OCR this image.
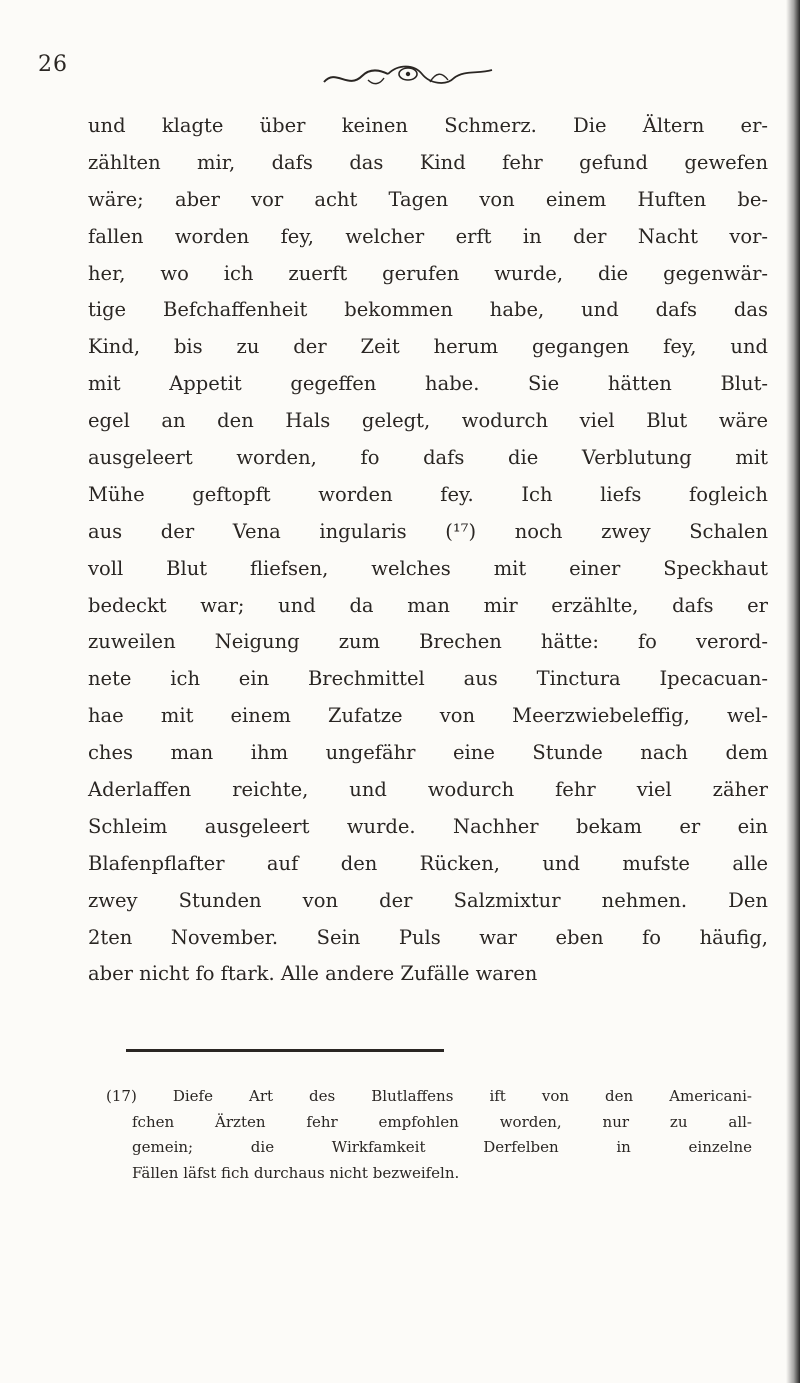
26
und klagte über keinen Schmerz. Die Ältern er-
zählten mir, dafs das Kind fehr gefund gewefen
wäre; aber vor acht Tagen von einem Huften be-
fallen worden fey, welcher erft in der Nacht vor-
her, wo ich zuerft gerufen wurde, die gegenwär-
tige Befchaffenheit bekommen habe, und dafs das
Kind, bis zu der Zeit herum gegangen fey, und
mit Appetit gegeffen habe. Sie hätten Blut-
egel an den Hals gelegt, wodurch viel Blut wäre
ausgeleert worden, fo dafs die Verblutung mit
Mühe geftopft worden fey. Ich liefs fogleich
aus der Vena ingularis (¹⁷) noch zwey Schalen
voll Blut fliefsen, welches mit einer Speckhaut
bedeckt war; und da man mir erzählte, dafs er
zuweilen Neigung zum Brechen hätte: fo verord-
nete ich ein Brechmittel aus Tinctura Ipecacuan-
hae mit einem Zufatze von Meerzwiebeleffig, wel-
ches man ihm ungefähr eine Stunde nach dem
Aderlaffen reichte, und wodurch fehr viel zäher
Schleim ausgeleert wurde. Nachher bekam er ein
Blafenpflafter auf den Rücken, und mufste alle
zwey Stunden von der Salzmixtur nehmen. Den
2ten November. Sein Puls war eben fo häufig,
aber nicht fo ftark. Alle andere Zufälle waren
(17) Diefe Art des Blutlaffens ift von den Americani-
fchen Ärzten fehr empfohlen worden, nur zu all-
gemein; die Wirkfamkeit Derfelben in einzelne
Fällen läfst fich durchaus nicht bezweifeln.
